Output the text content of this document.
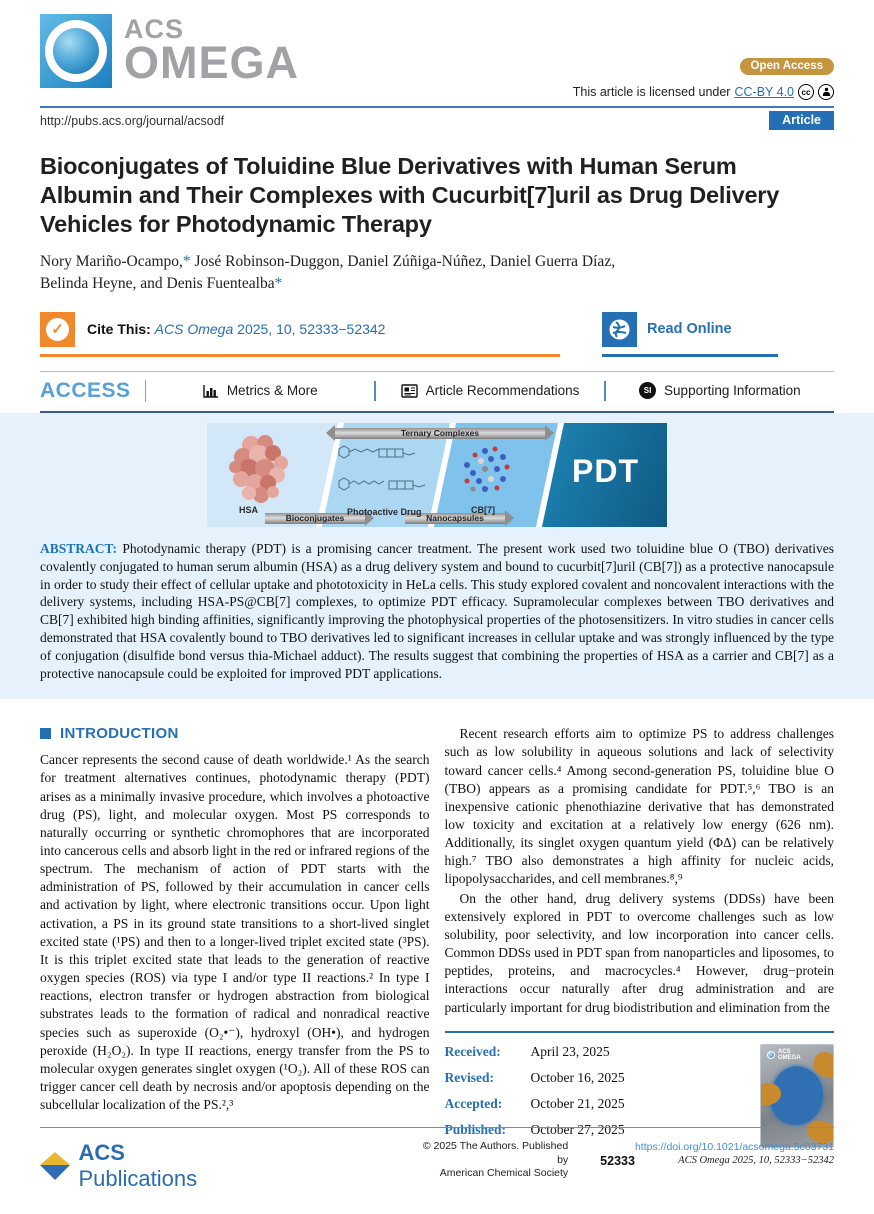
ACS
OMEGA	Open Access
This article is licensed under CC-BY 4.0 cc
http://pubs.acs.org/journal/acsodf	Article
Bioconjugates of Toluidine Blue Derivatives with Human Serum Albumin and Their Complexes with Cucurbit[7]uril as Drug Delivery Vehicles for Photodynamic Therapy
Nory Mariño-Ocampo,* José Robinson-Duggon, Daniel Zúñiga-Núñez, Daniel Guerra Díaz,
Belinda Heyne, and Denis Fuentealba*
✓	Cite This: ACS Omega 2025, 10, 52333−52342	Read Online
ACCESS	Metrics & More	Article Recommendations	SI Supporting Information
Ternary Complexes
Bioconjugates	Nanocapsules
HSA	Photoactive Drug	CB[7]
PDT
ABSTRACT: Photodynamic therapy (PDT) is a promising cancer treatment. The present work used two toluidine blue O (TBO) derivatives covalently conjugated to human serum albumin (HSA) as a drug delivery system and bound to cucurbit[7]uril (CB[7]) as a protective nanocapsule in order to study their effect of cellular uptake and phototoxicity in HeLa cells. This study explored covalent and noncovalent interactions with the delivery systems, including HSA-PS@CB[7] complexes, to optimize PDT efficacy. Supramolecular complexes between TBO derivatives and CB[7] exhibited high binding affinities, significantly improving the photophysical properties of the photosensitizers. In vitro studies in cancer cells demonstrated that HSA covalently bound to TBO derivatives led to significant increases in cellular uptake and was strongly influenced by the type of conjugation (disulfide bond versus thia-Michael adduct). The results suggest that combining the properties of HSA as a carrier and CB[7] as a protective nanocapsule could be exploited for improved PDT applications.
INTRODUCTION
Cancer represents the second cause of death worldwide.¹ As the search for treatment alternatives continues, photodynamic therapy (PDT) arises as a minimally invasive procedure, which involves a photoactive drug (PS), light, and molecular oxygen. Most PS corresponds to naturally occurring or synthetic chromophores that are incorporated into cancerous cells and absorb light in the red or infrared regions of the spectrum. The mechanism of action of PDT starts with the administration of PS, followed by their accumulation in cancer cells and activation by light, where electronic transitions occur. Upon light activation, a PS in its ground state transitions to a short-lived singlet excited state (¹PS) and then to a longer-lived triplet excited state (³PS). It is this triplet excited state that leads to the generation of reactive oxygen species (ROS) via type I and/or type II reactions.² In type I reactions, electron transfer or hydrogen abstraction from biological substrates leads to the formation of radical and nonradical reactive species such as superoxide (O₂•⁻), hydroxyl (OH•), and hydrogen peroxide (H₂O₂). In type II reactions, energy transfer from the PS to molecular oxygen generates singlet oxygen (¹O₂). All of these ROS can trigger cancer cell death by necrosis and/or apoptosis depending on the subcellular localization of the PS.²,³
Recent research efforts aim to optimize PS to address challenges such as low solubility in aqueous solutions and lack of selectivity toward cancer cells.⁴ Among second-generation PS, toluidine blue O (TBO) appears as a promising candidate for PDT.⁵,⁶ TBO is an inexpensive cationic phenothiazine derivative that has demonstrated low toxicity and excitation at a relatively low energy (626 nm). Additionally, its singlet oxygen quantum yield (ΦΔ) can be relatively high.⁷ TBO also demonstrates a high affinity for nucleic acids, lipopolysaccharides, and cell membranes.⁸,⁹
On the other hand, drug delivery systems (DDSs) have been extensively explored in PDT to overcome challenges such as low solubility, poor selectivity, and low incorporation into cancer cells. Common DDSs used in PDT span from nanoparticles and liposomes, to peptides, proteins, and macrocycles.⁴ However, drug−protein interactions occur naturally after drug administration and are particularly important for drug biodistribution and elimination from the
Received:	April 23, 2025
Revised:	October 16, 2025
Accepted:	October 21, 2025
Published:	October 27, 2025
ACS
OMEGA
ACS Publications
© 2025 The Authors. Published by
American Chemical Society
52333
https://doi.org/10.1021/acsomega.5c03731
ACS Omega 2025, 10, 52333−52342
